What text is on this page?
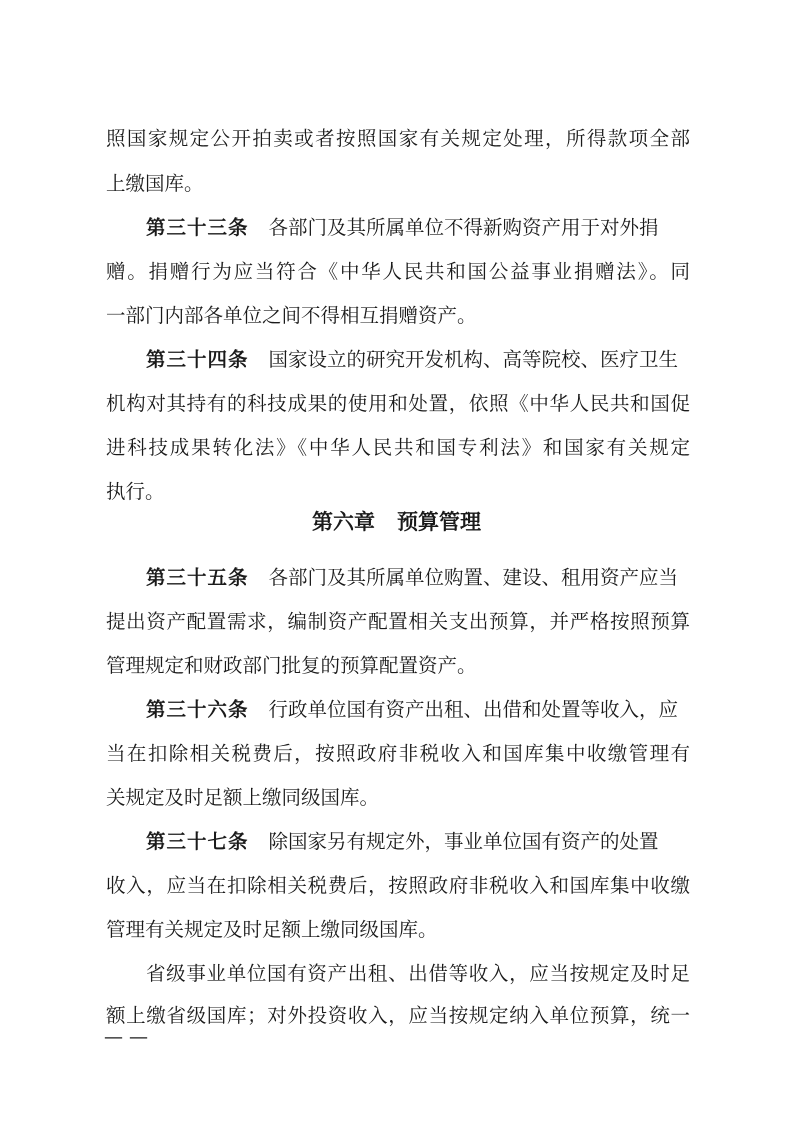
照国家规定公开拍卖或者按照国家有关规定处理，所得款项全部
上缴国库。
第三十三条 各部门及其所属单位不得新购资产用于对外捐
赠。捐赠行为应当符合《中华人民共和国公益事业捐赠法》。同
一部门内部各单位之间不得相互捐赠资产。
第三十四条 国家设立的研究开发机构、高等院校、医疗卫生
机构对其持有的科技成果的使用和处置，依照《中华人民共和国促
进科技成果转化法》《中华人民共和国专利法》和国家有关规定
执行。
第六章 预算管理
第三十五条 各部门及其所属单位购置、建设、租用资产应当
提出资产配置需求，编制资产配置相关支出预算，并严格按照预算
管理规定和财政部门批复的预算配置资产。
第三十六条 行政单位国有资产出租、出借和处置等收入，应
当在扣除相关税费后，按照政府非税收入和国库集中收缴管理有
关规定及时足额上缴同级国库。
第三十七条 除国家另有规定外，事业单位国有资产的处置
收入，应当在扣除相关税费后，按照政府非税收入和国库集中收缴
管理有关规定及时足额上缴同级国库。
省级事业单位国有资产出租、出借等收入，应当按规定及时足
额上缴省级国库；对外投资收入，应当按规定纳入单位预算，统一
— —
